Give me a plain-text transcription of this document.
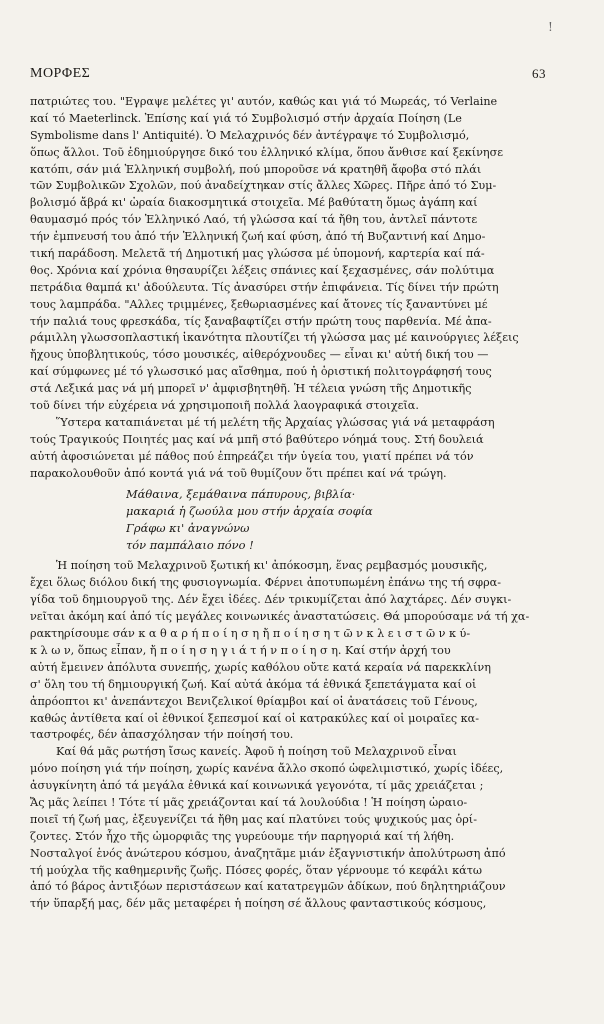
!
ΜΟΡΦΕΣ	63
πατριώτες του. "Εγραψε μελέτες γι' αυτόν, καθώς και γιά τό Μωρεάς, τό Verlaine
καί τό Maeterlinck. Ἐπίσης καί γιά τό Συμβολισμό στήν ἀρχαία Ποίηση (Le
Symbolisme dans l' Antiquité). Ὁ Μελαχρινός δέν ἀντέγραψε τό Συμβολισμό,
ὅπως ἄλλοι. Τοῦ ἐδημιούργησε δικό του ἑλληνικό κλίμα, ὅπου ἄνθισε καί ξεκίνησε
κατόπι, σάν μιά Ἑλληνική συμβολή, πού μποροῦσε νά κρατηθῆ ἄφοβα στό πλάι
τῶν Συμβολικῶν Σχολῶν, πού ἀναδείχτηκαν στίς ἄλλες Χῶρες. Πῆρε ἀπό τό Συμ-
βολισμό ἄβρά κι' ὡραία διακοσμητικά στοιχεῖα. Μέ βαθύτατη ὅμως ἀγάπη καί
θαυμασμό πρός τόν Ἑλληνικό Λαό, τή γλώσσα καί τά ἤθη του, ἀντλεῖ πάντοτε
τήν ἐμπνευσή του ἀπό τήν Ἑλληνική ζωή καί φύση, ἀπό τή Βυζαντινή καί Δημο-
τική παράδοση. Μελετᾶ τή Δημοτική μας γλώσσα μέ ὑπομονή, καρτερία καί πά-
θος. Χρόνια καί χρόνια θησαυρίζει λέξεις σπάνιες καί ξεχασμένες, σάν πολύτιμα
πετράδια θαμπά κι' ἀδούλευτα. Τίς ἀνασύρει στήν ἐπιφάνεια. Τίς δίνει τήν πρώτη
τους λαμπράδα. "Αλλες τριμμένες, ξεθωριασμένες καί ἄτονες τίς ξαναντύνει μέ
τήν παλιά τους φρεσκάδα, τίς ξαναβαφτίζει στήν πρώτη τους παρθενία. Μέ ἀπα-
ράμιλλη γλωσσοπλαστική ἱκανότητα πλουτίζει τή γλώσσα μας μέ καινούργιες λέξεις
ἤχους ὑποβλητικούς, τόσο μουσικές, αἰθερόχνουδες — εἶναι κι' αὐτή δική του —
καί σύμφωνες μέ τό γλωσσικό μας αἴσθημα, πού ἡ ὁριστική πολιτογράφησή τους
στά Λεξικά μας νά μή μπορεῖ ν' ἀμφισβητηθῆ. Ἡ τέλεια γνώση τῆς Δημοτικῆς
τοῦ δίνει τήν εὐχέρεια νά χρησιμοποιῆ πολλά λαογραφικά στοιχεῖα.
Ὕστερα καταπιάνεται μέ τή μελέτη τῆς Ἀρχαίας γλώσσας γιά νά μεταφράση
τούς Τραγικούς Ποιητές μας καί νά μπῆ στό βαθύτερο νόημά τους. Στή δουλειά
αὐτή ἀφοσιώνεται μέ πάθος πού ἐπηρεάζει τήν ὑγεία του, γιατί πρέπει νά τόν
παρακολουθοῦν ἀπό κοντά γιά νά τοῦ θυμίζουν ὅτι πρέπει καί νά τρώγη.
Μάθαινα, ξεμάθαινα πάπυρους, βιβλία·
μακαριά ἡ ζωούλα μου στήν ἀρχαία σοφία
Γράφω κι' ἀναγνώνω
τόν παμπάλαιο πόνο !
Ἡ ποίηση τοῦ Μελαχρινοῦ ξωτική κι' ἀπόκοσμη, ἕνας ρεμβασμός μουσικῆς,
ἔχει ὅλως διόλου δική της φυσιογνωμία. Φέρνει ἀποτυπωμένη ἐπάνω της τή σφρα-
γίδα τοῦ δημιουργοῦ της. Δέν ἔχει ἰδέες. Δέν τρικυμίζεται ἀπό λαχτάρες. Δέν συγκι-
νεῖται ἀκόμη καί ἀπό τίς μεγάλες κοινωνικές ἀναστατώσεις. Θά μπορούσαμε νά τή χα-
ρακτηρίσουμε σάν κ α θ α ρ ή π ο ί η σ η ἤ π ο ί η σ η τ ῶ ν κ λ ε ι σ τ ῶ ν κ ύ-
κ λ ω ν, ὅπως εἶπαν, ἤ π ο ί η σ η γ ι ά τ ή ν π ο ί η σ η. Καί στήν ἀρχή του
αὐτή ἔμεινεν ἀπόλυτα συνεπής, χωρίς καθόλου οὔτε κατά κεραία νά παρεκκλίνη
σ' ὅλη του τή δημιουργική ζωή. Καί αὐτά ἀκόμα τά ἐθνικά ξεπετάγματα καί οἱ
ἀπρόοπτοι κι' ἀνεπάντεχοι Βενιζελικοί θρίαμβοι καί οἱ ἀνατάσεις τοῦ Γένους,
καθώς ἀντίθετα καί οἱ ἐθνικοί ξεπεσμοί καί οἱ κατρακύλες καί οἱ μοιραῖες κα-
ταστροφές, δέν ἀπασχόλησαν τήν ποίησή του.
Καί θά μᾶς ρωτήση ἴσως κανείς. Ἀφοῦ ἡ ποίηση τοῦ Μελαχρινοῦ εἶναι
μόνο ποίηση γιά τήν ποίηση, χωρίς κανένα ἄλλο σκοπό ὠφελιμιστικό, χωρίς ἰδέες,
ἀσυγκίνητη ἀπό τά μεγάλα ἐθνικά καί κοινωνικά γεγονότα, τί μᾶς χρειάζεται ;
Ἄς μᾶς λείπει ! Τότε τί μᾶς χρειάζονται καί τά λουλούδια ! Ἡ ποίηση ὡραιο-
ποιεῖ τή ζωή μας, ἐξευγενίζει τά ἤθη μας καί πλατύνει τούς ψυχικούς μας ὁρί-
ζοντες. Στόν ἦχο τῆς ὡμορφιᾶς της γυρεύουμε τήν παρηγοριά καί τή λήθη.
Νοσταλγοί ἑνός ἀνώτερου κόσμου, ἀναζητᾶμε μιάν ἐξαγνιστικήν ἀπολύτρωση ἀπό
τή μούχλα τῆς καθημερινῆς ζωῆς. Πόσες φορές, ὅταν γέρνουμε τό κεφάλι κάτω
ἀπό τό βάρος ἀντιξόων περιστάσεων καί κατατρεγμῶν ἀδίκων, πού δηλητηριάζουν
τήν ὕπαρξή μας, δέν μᾶς μεταφέρει ἡ ποίηση σέ ἄλλους φανταστικούς κόσμους,
